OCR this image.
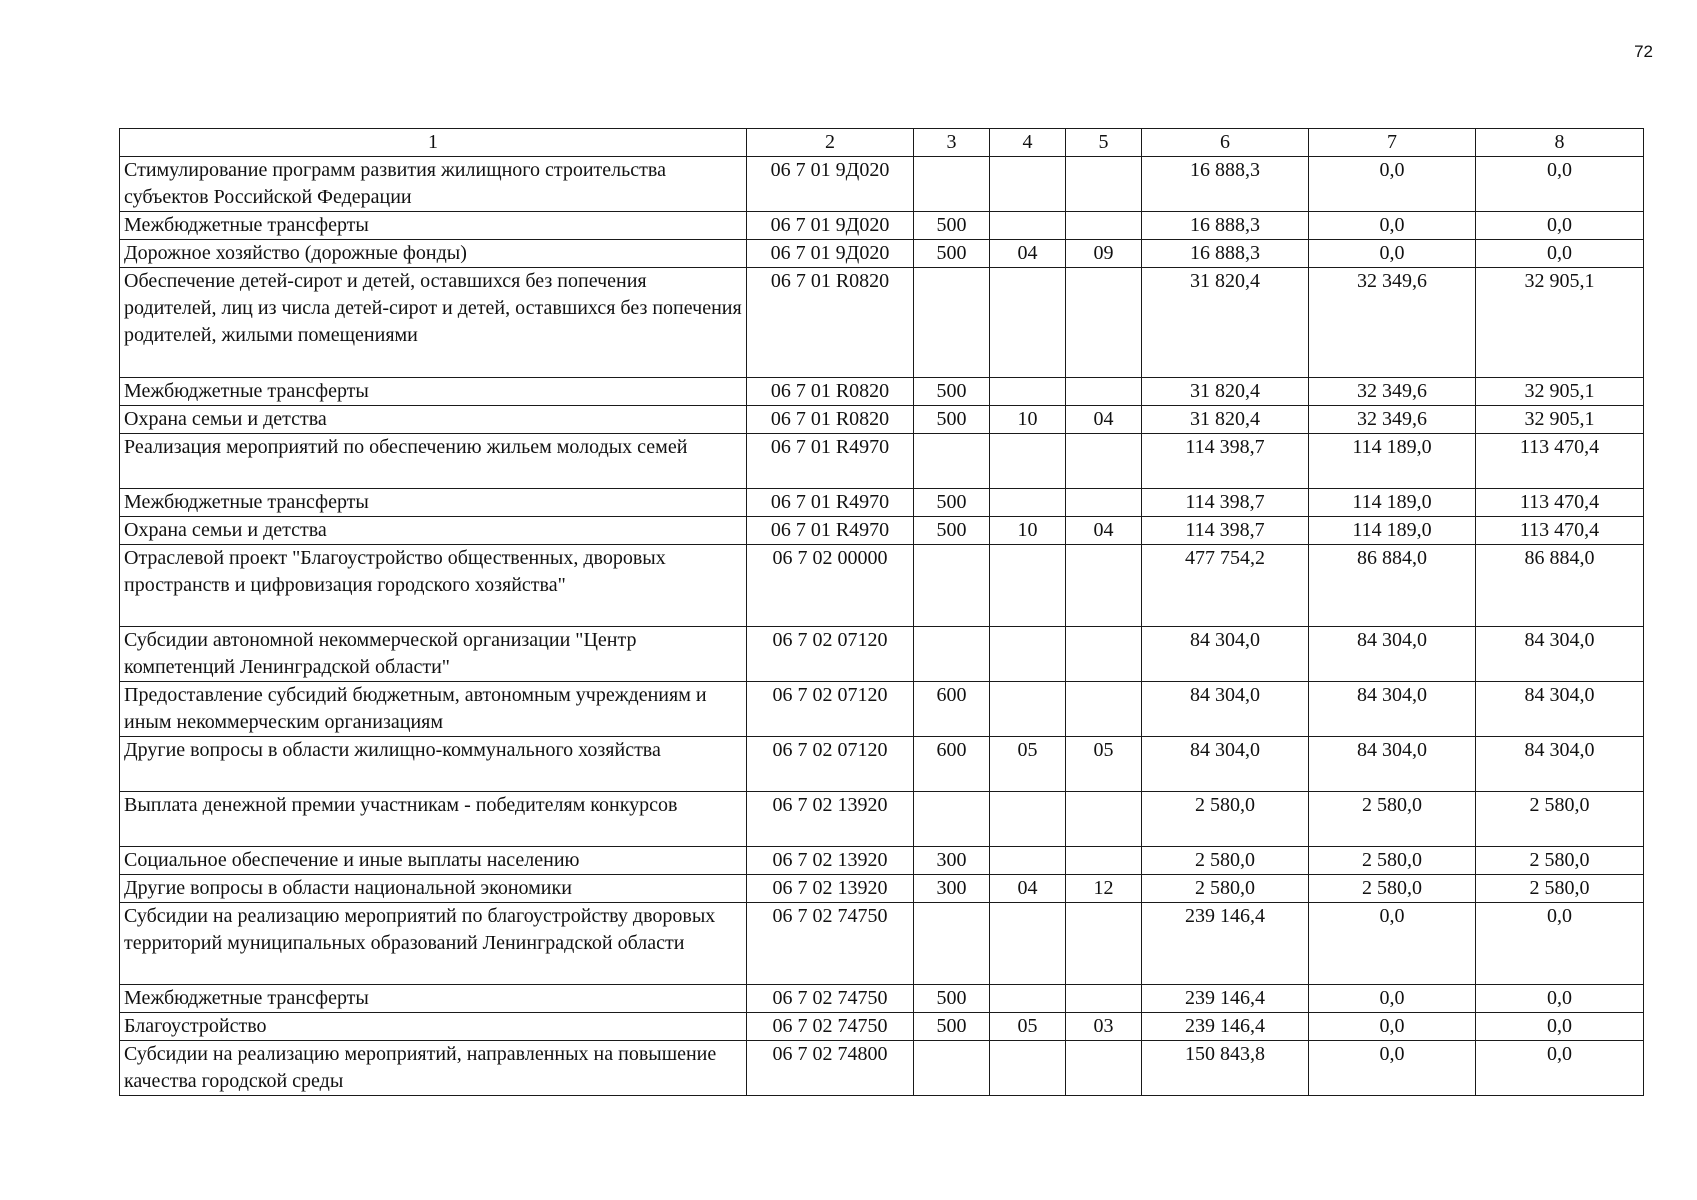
72
1	2	3	4	5	6	7	8
Стимулирование программ развития жилищного строительства субъектов Российской Федерации	06 7 01 9Д020				16 888,3	0,0	0,0
Межбюджетные трансферты	06 7 01 9Д020	500			16 888,3	0,0	0,0
Дорожное хозяйство (дорожные фонды)	06 7 01 9Д020	500	04	09	16 888,3	0,0	0,0
Обеспечение детей-сирот и детей, оставшихся без попечения родителей, лиц из числа детей-сирот и детей, оставшихся без попечения родителей, жилыми помещениями	06 7 01 R0820				31 820,4	32 349,6	32 905,1
Межбюджетные трансферты	06 7 01 R0820	500			31 820,4	32 349,6	32 905,1
Охрана семьи и детства	06 7 01 R0820	500	10	04	31 820,4	32 349,6	32 905,1
Реализация мероприятий по обеспечению жильем молодых семей	06 7 01 R4970				114 398,7	114 189,0	113 470,4
Межбюджетные трансферты	06 7 01 R4970	500			114 398,7	114 189,0	113 470,4
Охрана семьи и детства	06 7 01 R4970	500	10	04	114 398,7	114 189,0	113 470,4
Отраслевой проект "Благоустройство общественных, дворовых пространств и цифровизация городского хозяйства"	06 7 02 00000				477 754,2	86 884,0	86 884,0
Субсидии автономной некоммерческой организации "Центр компетенций Ленинградской области"	06 7 02 07120				84 304,0	84 304,0	84 304,0
Предоставление субсидий бюджетным, автономным учреждениям и иным некоммерческим организациям	06 7 02 07120	600			84 304,0	84 304,0	84 304,0
Другие вопросы в области жилищно-коммунального хозяйства	06 7 02 07120	600	05	05	84 304,0	84 304,0	84 304,0
Выплата денежной премии участникам - победителям конкурсов	06 7 02 13920				2 580,0	2 580,0	2 580,0
Социальное обеспечение и иные выплаты населению	06 7 02 13920	300			2 580,0	2 580,0	2 580,0
Другие вопросы в области национальной экономики	06 7 02 13920	300	04	12	2 580,0	2 580,0	2 580,0
Субсидии на реализацию мероприятий по благоустройству дворовых территорий муниципальных образований Ленинградской области	06 7 02 74750				239 146,4	0,0	0,0
Межбюджетные трансферты	06 7 02 74750	500			239 146,4	0,0	0,0
Благоустройство	06 7 02 74750	500	05	03	239 146,4	0,0	0,0
Субсидии на реализацию мероприятий, направленных на повышение качества городской среды	06 7 02 74800				150 843,8	0,0	0,0
